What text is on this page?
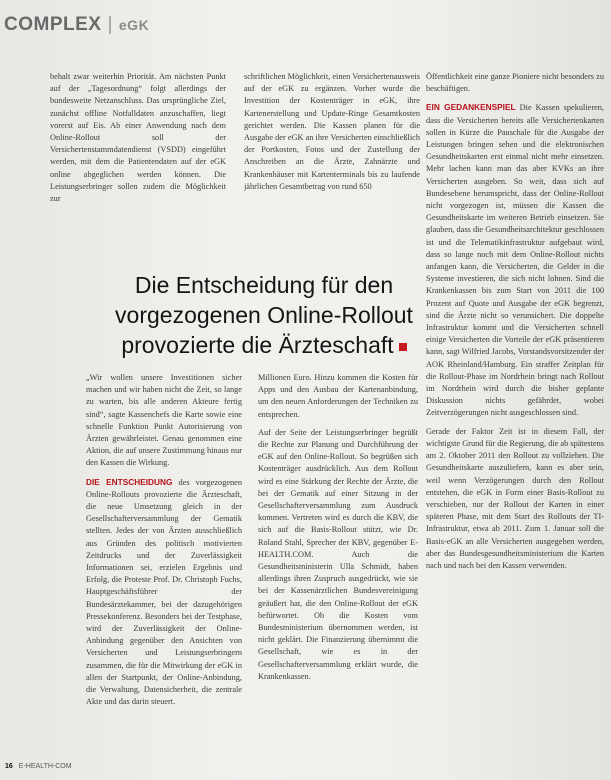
COMPLEX | eGK

behalt zwar weiterhin Priorität. Am nächsten Punkt auf der „Tagesordnung“ folgt allerdings der bundesweite Netzanschluss. Das ursprüngliche Ziel, zunächst offline Notfalldaten anzuschaffen, liegt vorerst auf Eis. Ab einer Anwendung nach dem Online-Rollout soll der Versichertenstammdatendienst (VSDD) eingeführt werden, mit dem die Patientendaten auf der eGK online abgeglichen werden können. Die Leistungserbringer sollen zudem die Möglichkeit zur

schriftlichen Möglichkeit, einen Versichertenausweis auf der eGK zu ergänzen. Vorher wurde die Investition der Kostenträger in eGK, ihre Kartenerstellung und Update-Ringe Gesamtkosten gerichtet werden. Die Kassen planen für die Ausgabe der eGK an ihre Versicherten einschließlich der Portkosten, Fotos und der Zustellung der Anschreiben an die Ärzte, Zahnärzte und Krankenhäuser mit Kartenterminals bis zu laufende jährlichen Gesamtbetrag von rund 650

Öffentlichkeit eine ganze Pioniere nicht besonders zu beschäftigen.

EIN GEDANKENSPIEL Die Kassen spekulieren, dass die Versicherten bereits alle Versichertenkarten sollen in Kürze die Pauschale für die Ausgabe der Leistungen bringen sehen und die elektronischen Gesundheitskarten erst einmal nicht mehr einsetzen. Mehr lachen kann man das aber KVKs an ihre Versicherten ausgeben. So weit, dass sich auf Bundesebene herumspricht, dass der Online-Rollout nicht vorgezogen ist, müssen die Kassen die Gesundheitskarte im weiteren Betrieb einsetzen. Sie glauben, dass die Gesundheitsarchitektur geschlossen ist und die Telematikinfrastruktur aufgebaut wird, dass so lange noch mit dem Online-Rollout nichts anfangen kann, die Versicherten, die Gelder in die Systeme investieren, die sich nicht lohnen. Sind die Krankenkassen bis zum Start von 2011 die 100 Prozent auf Quote und Ausgabe der eGK begrenzt, sind die Ärzte nicht so verunsichert. Die doppelte Infrastruktur kommt und die Versicherten schnell einige Versicherten die Vorteile der eGK präsentieren kann, sagt Wilfried Jacobs, Vorstandsvorsitzender der AOK Rheinland/Hamburg. Ein straffer Zeitplan für die Rollout-Phase im Nordrhein bringt nach Rollout im Nordrhein wird durch die bisher geplante Diskussion nichts gefährdet, wobei Zeitverzögerungen nicht ausgeschlossen sind.

Gerade der Faktor Zeit ist in diesem Fall, der wichtigste Grund für die Regierung, die ab spätestens am 2. Oktober 2011 den Rollout zu vollziehen. Die Gesundheitskarte auszuliefern, kann es aber sein, weil wenn Verzögerungen durch den Rollout entstehen, die eGK in Form einer Basis-Rollout zu verschieben, nur der Rollout der Karten in einer späteren Phase, mit dem Start des Rollouts der TI-Infrastruktur, etwa ab 2011. Zum 1. Januar soll die Basis-eGK an alle Versicherten ausgegeben werden, aber das Bundesgesundheitsministerium die Karten nach und nach bei den Kassen verwenden.

Die Entscheidung für den
vorgezogenen Online-Rollout
provozierte die Ärzteschaft

„Wir wollen unsere Investitionen sicher machen und wir haben nicht die Zeit, so lange zu warten, bis alle anderen Akteure fertig sind“, sagte Kassenchefs die Karte sowie eine schnelle Funktion Punkt Autorisierung von Ärzten gewährleistet. Genau genommen eine Aktion, die auf unsere Zustimmung hinaus nur den Kassen die Wirkung.

DIE ENTSCHEIDUNG des vorgezogenen Online-Rollouts provozierte die Ärzteschaft, die neue Umsetzung gleich in der Gesellschafterversammlung der Gematik stellten. Jedes der von Ärzten ausschließlich aus Gründen des politisch motivierten Zeitdrucks und der Zuverlässigkeit Informationen sei, erzielen Ergebnis und Erfolg, die Proteste Prof. Dr. Christoph Fuchs, Hauptgeschäftsführer der Bundesärztekammer, bei der dazugehörigen Pressekonferenz. Besonders bei der Testphase, wird der Zuverlässigkeit der Online-Anbindung gegenüber den Ansichten von Versicherten und Leistungserbringern zusammen, die für die Mitwirkung der eGK in allen der Startpunkt, der Online-Anbindung, die Verwaltung, Datensicherheit, die zentrale Akte und das darin steuert.

Millionen Euro. Hinzu kommen die Kosten für Apps und den Ausbau der Kartenanbindung, um den neuen Anforderungen der Techniken zu entsprechen.

Auf der Seite der Leistungserbringer begrüßt die Rechte zur Planung und Durchführung der eGK auf den Online-Rollout. So begrüßen sich Kostenträger ausdrücklich. Aus dem Rollout wird es eine Stärkung der Rechte der Ärzte, die bei der Gematik auf einer Sitzung in der Gesellschafterversammlung zum Ausdruck kommen. Vertreten wird es durch die KBV, die sich auf die Basis-Rollout stützt, wie Dr. Roland Stahl, Sprecher der KBV, gegenüber E-HEALTH.COM. Auch die Gesundheitsministerin Ulla Schmidt, haben allerdings ihren Zuspruch ausgedrückt, wie sie bei der Kassenärztlichen Bundesvereinigung geäußert hat, die den Online-Rollout der eGK befürwortet. Ob die Kosten vom Bundesministerium übernommen werden, ist nicht geklärt. Die Finanzierung übernimmt die Gesellschaft, wie es in der Gesellschafterversammlung erklärt wurde, die Krankenkassen.

16 E-HEALTH-COM
